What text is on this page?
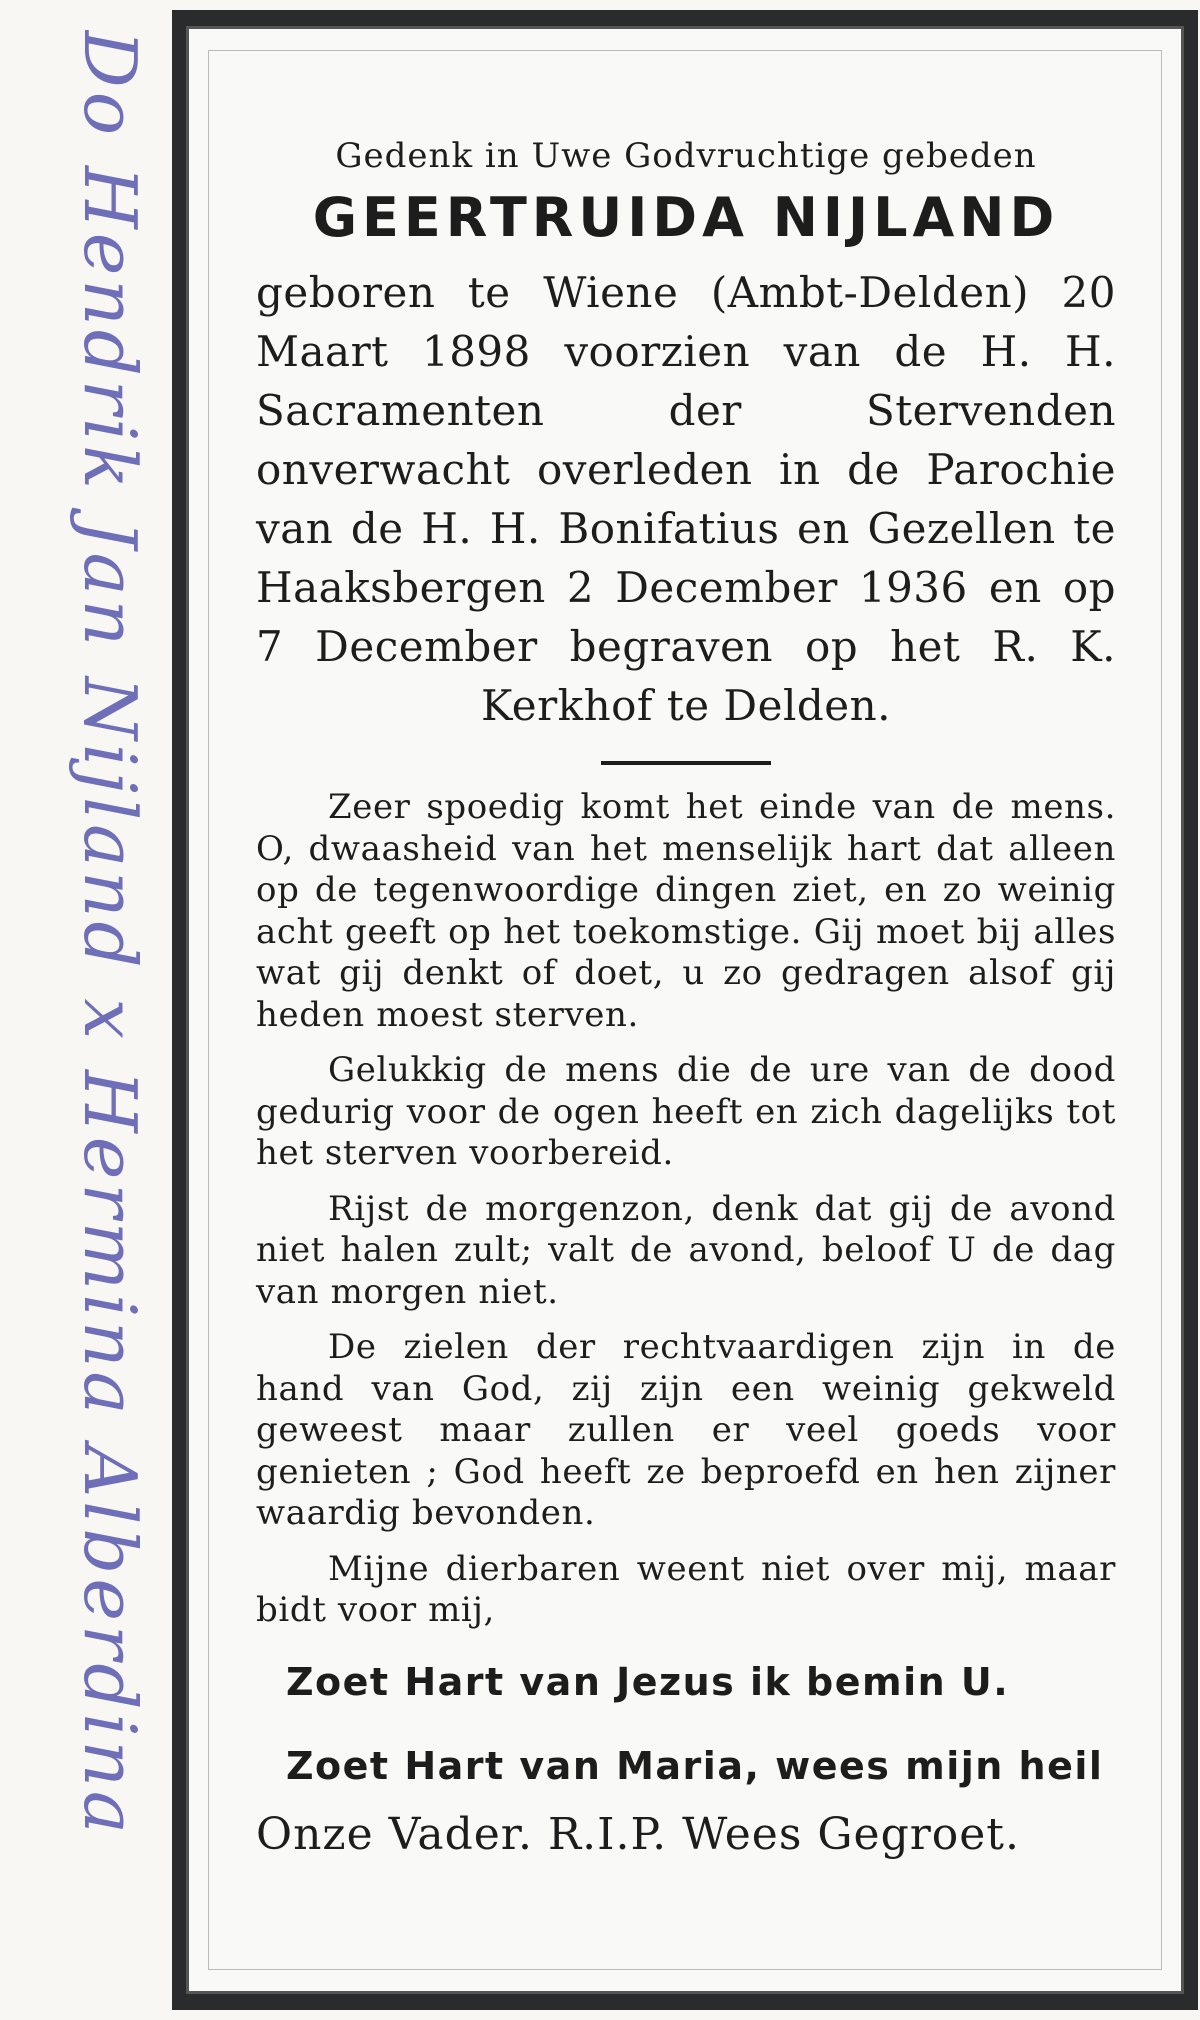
Do Hendrik Jan Nijland x Hermina Alberdina	Gedenk in Uwe Godvruchtige gebeden

GEERTRUIDA NIJLAND

geboren te Wiene (Ambt-Delden) 20 Maart 1898 voorzien van de H. H. Sacramenten der Stervenden onverwacht overleden in de Parochie van de H. H. Bonifatius en Gezellen te Haaksbergen 2 December 1936 en op 7 December begraven op het R. K. Kerkhof te Delden.

Zeer spoedig komt het einde van de mens. O, dwaasheid van het menselijk hart dat alleen op de tegenwoordige dingen ziet, en zo weinig acht geeft op het toekomstige. Gij moet bij alles wat gij denkt of doet, u zo gedragen alsof gij heden moest sterven.

Gelukkig de mens die de ure van de dood gedurig voor de ogen heeft en zich dagelijks tot het sterven voorbereid.

Rijst de morgenzon, denk dat gij de avond niet halen zult; valt de avond, beloof U de dag van morgen niet.

De zielen der rechtvaardigen zijn in de hand van God, zij zijn een weinig gekweld geweest maar zullen er veel goeds voor genieten ; God heeft ze beproefd en hen zijner waardig bevonden.

Mijne dierbaren weent niet over mij, maar bidt voor mij,

Zoet Hart van Jezus ik bemin U.
Zoet Hart van Maria, wees mijn heil

Onze Vader. R.I.P. Wees Gegroet.
